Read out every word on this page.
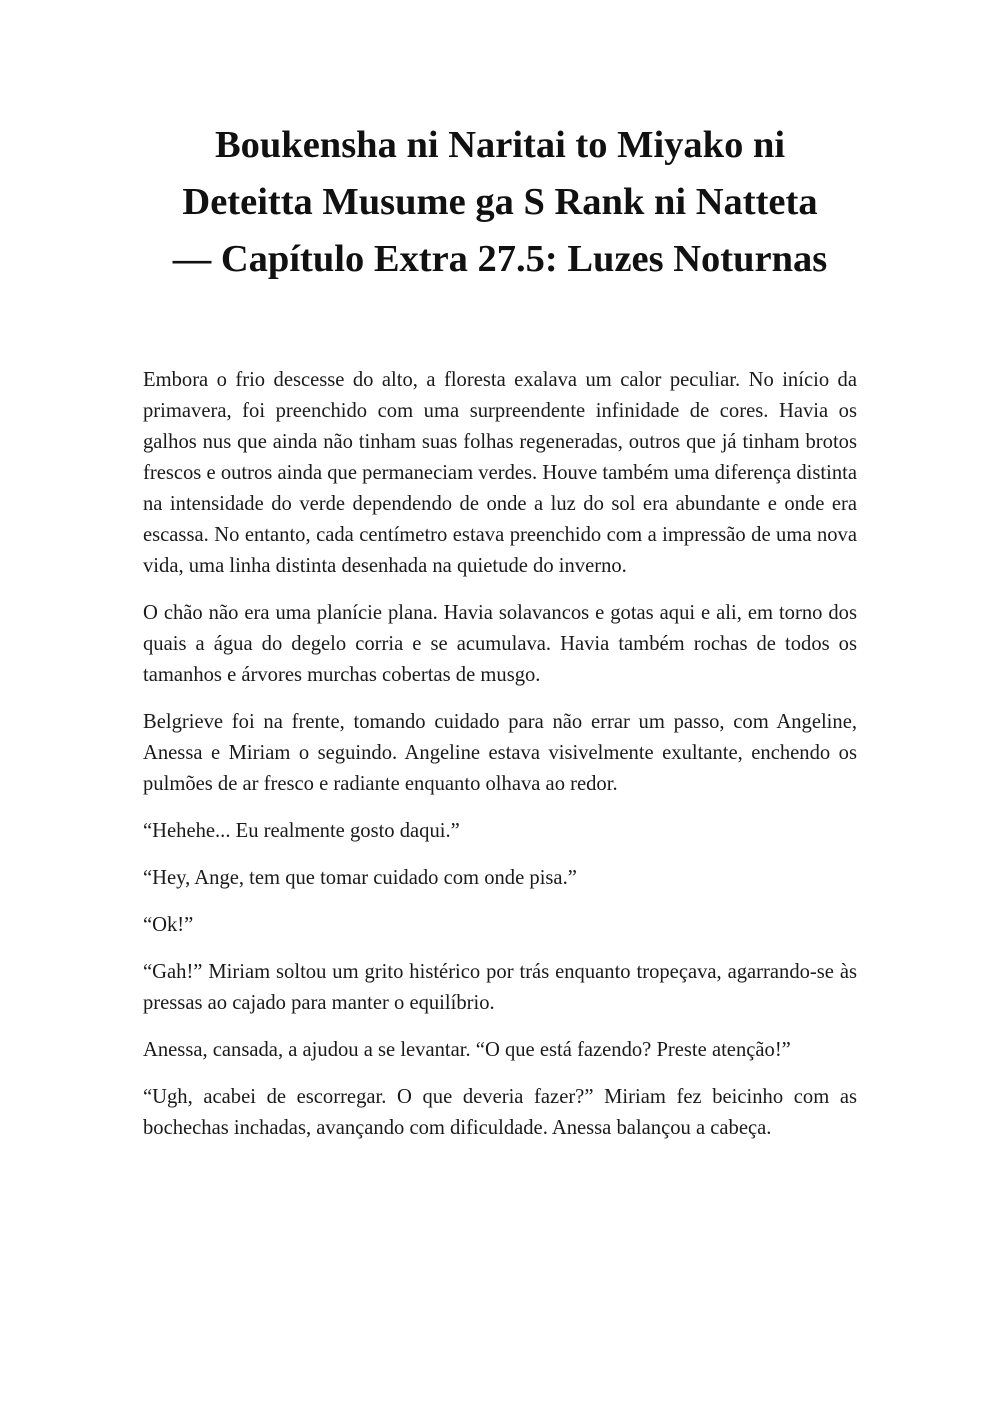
Boukensha ni Naritai to Miyako ni
Deteitta Musume ga S Rank ni Natteta
— Capítulo Extra 27.5: Luzes Noturnas

Embora o frio descesse do alto, a floresta exalava um calor peculiar. No início da primavera, foi preenchido com uma surpreendente infinidade de cores. Havia os galhos nus que ainda não tinham suas folhas regeneradas, outros que já tinham brotos frescos e outros ainda que permaneciam verdes. Houve também uma diferença distinta na intensidade do verde dependendo de onde a luz do sol era abundante e onde era escassa. No entanto, cada centímetro estava preenchido com a impressão de uma nova vida, uma linha distinta desenhada na quietude do inverno.

O chão não era uma planície plana. Havia solavancos e gotas aqui e ali, em torno dos quais a água do degelo corria e se acumulava. Havia também rochas de todos os tamanhos e árvores murchas cobertas de musgo.

Belgrieve foi na frente, tomando cuidado para não errar um passo, com Angeline, Anessa e Miriam o seguindo. Angeline estava visivelmente exultante, enchendo os pulmões de ar fresco e radiante enquanto olhava ao redor.

“Hehehe... Eu realmente gosto daqui.”

“Hey, Ange, tem que tomar cuidado com onde pisa.”

“Ok!”

“Gah!” Miriam soltou um grito histérico por trás enquanto tropeçava, agarrando-se às pressas ao cajado para manter o equilíbrio.

Anessa, cansada, a ajudou a se levantar. “O que está fazendo? Preste atenção!”

“Ugh, acabei de escorregar. O que deveria fazer?” Miriam fez beicinho com as bochechas inchadas, avançando com dificuldade. Anessa balançou a cabeça.
